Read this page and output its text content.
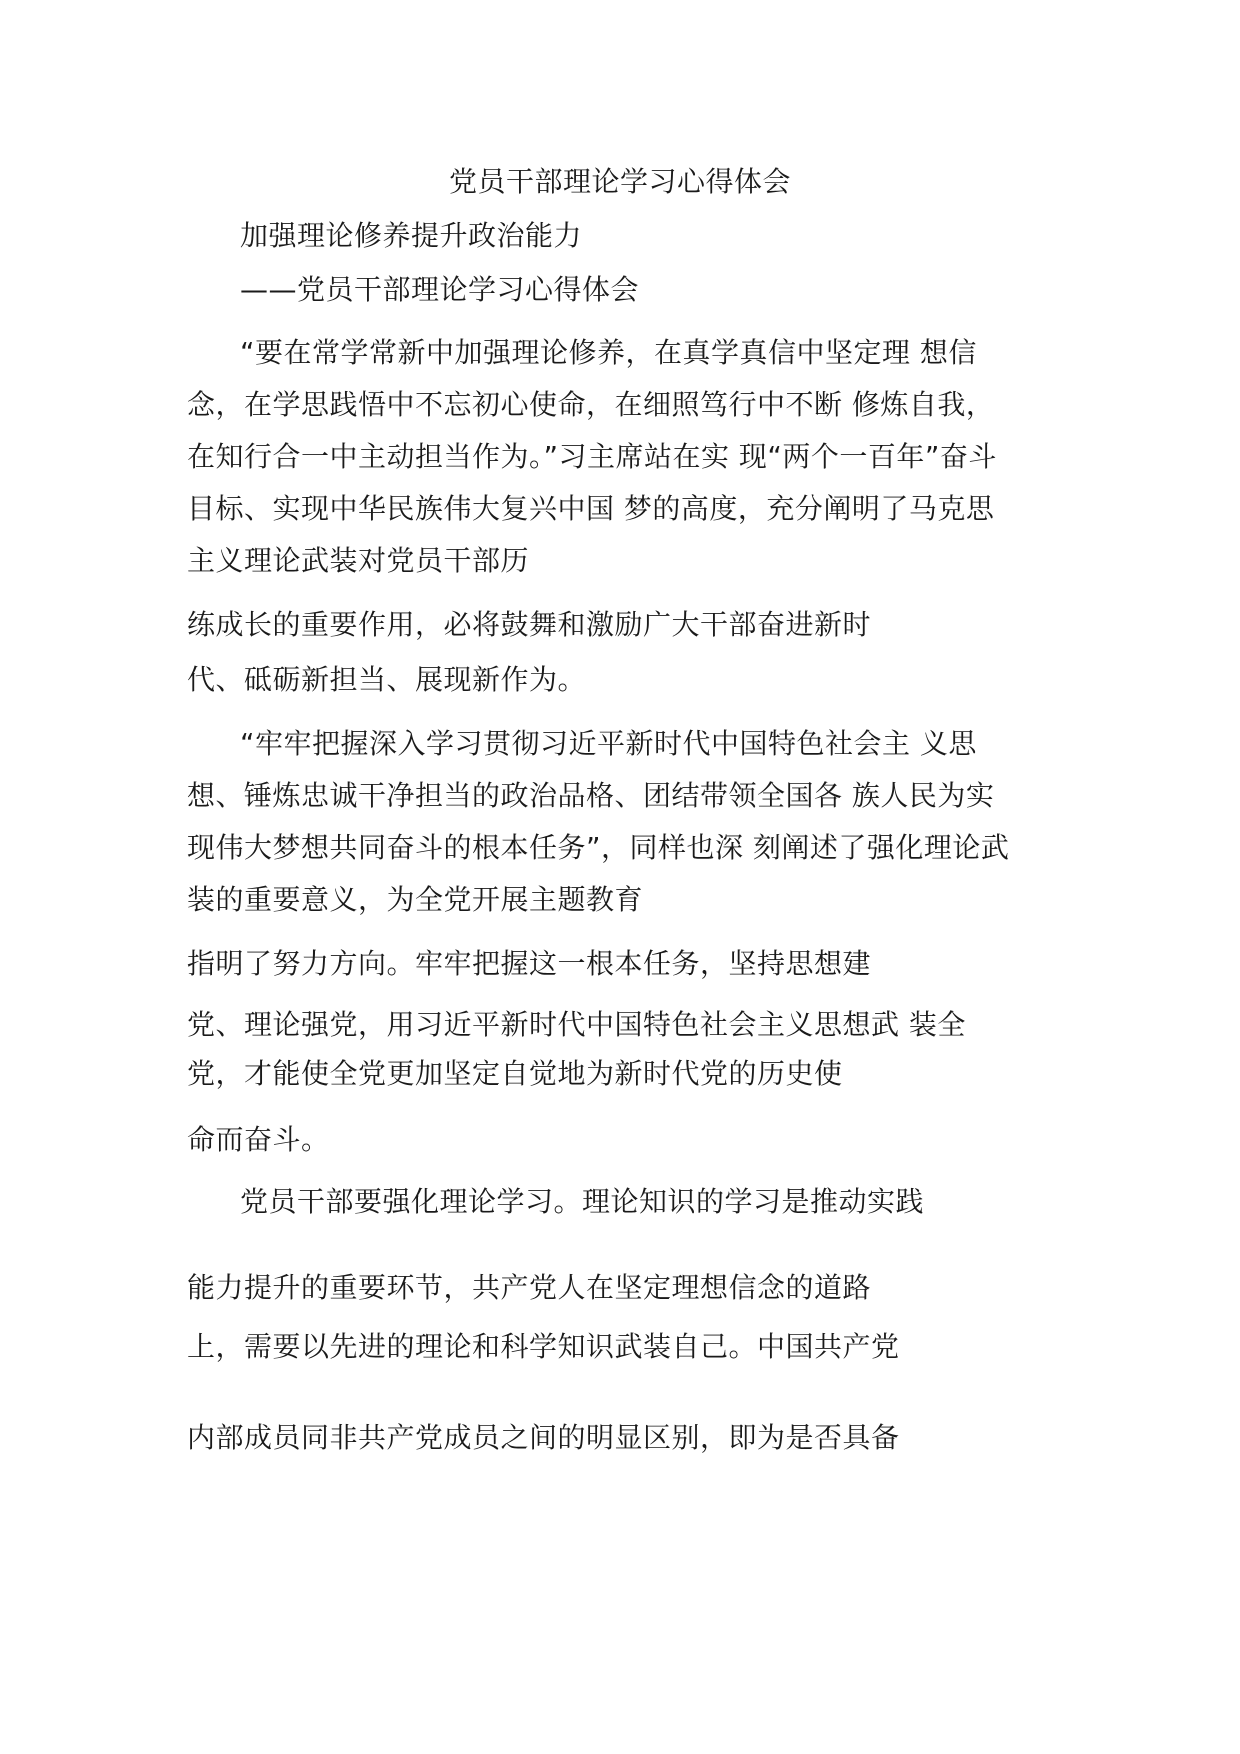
党员干部理论学习心得体会
加强理论修养提升政治能力
——党员干部理论学习心得体会
“要在常学常新中加强理论修养，在真学真信中坚定理 想信
念，在学思践悟中不忘初心使命，在细照笃行中不断 修炼自我，
在知行合一中主动担当作为。”习主席站在实 现“两个一百年”奋斗
目标、实现中华民族伟大复兴中国 梦的高度，充分阐明了马克思
主义理论武装对党员干部历
练成长的重要作用，必将鼓舞和激励广大干部奋进新时
代、砥砺新担当、展现新作为。
“牢牢把握深入学习贯彻习近平新时代中国特色社会主 义思
想、锤炼忠诚干净担当的政治品格、团结带领全国各 族人民为实
现伟大梦想共同奋斗的根本任务”，同样也深 刻阐述了强化理论武
装的重要意义，为全党开展主题教育
指明了努力方向。牢牢把握这一根本任务，坚持思想建
党、理论强党，用习近平新时代中国特色社会主义思想武 装全
党，才能使全党更加坚定自觉地为新时代党的历史使
命而奋斗。
党员干部要强化理论学习。理论知识的学习是推动实践
能力提升的重要环节，共产党人在坚定理想信念的道路
上，需要以先进的理论和科学知识武装自己。中国共产党
内部成员同非共产党成员之间的明显区别，即为是否具备
